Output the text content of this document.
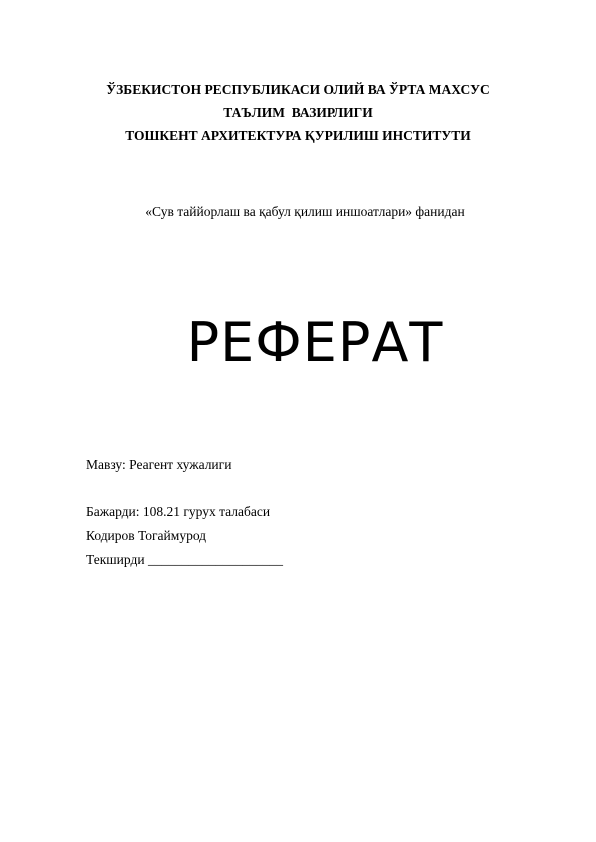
ЎЗБЕКИСТОН РЕСПУБЛИКАСИ ОЛИЙ ВА ЎРТА МАХСУС
ТАЪЛИМ  ВАЗИРЛИГИ
ТОШКЕНТ АРХИТЕКТУРА ҚУРИЛИШ ИНСТИТУТИ
«Сув таййорлаш ва қабул қилиш иншоатлари» фанидан
РЕФЕРАТ
Мавзу: Реагент хужалиги
Бажарди: 108.21 гурух талабаси
Кодиров Тогаймурод
Текширди ____________________
